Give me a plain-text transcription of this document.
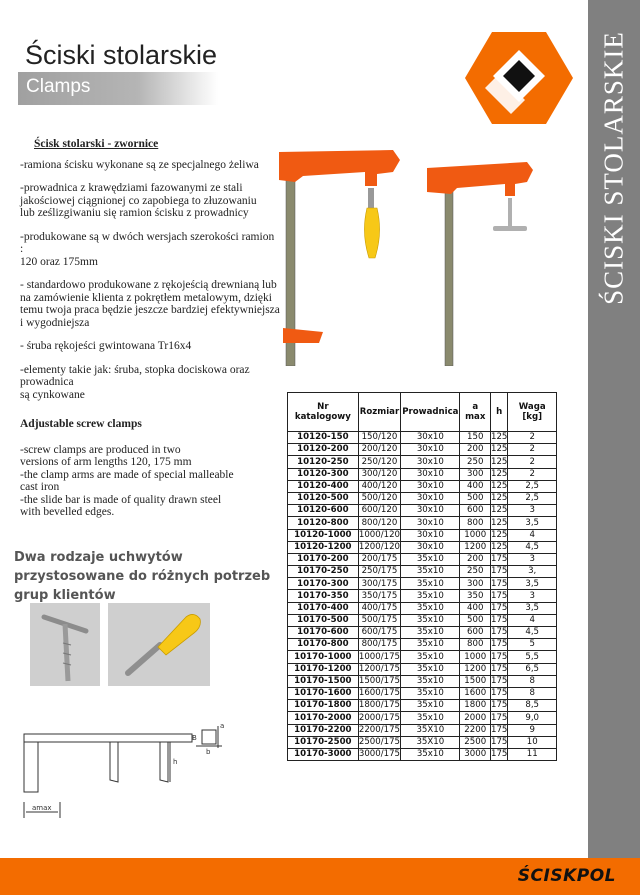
ŚCISKI STOLARSKIE
Ściski stolarskie
Clamps
Ścisk stolarski - zwornice

-ramiona ścisku wykonane są ze specjalnego żeliwa

-prowadnica z krawędziami fazowanymi ze stali
jakościowej ciągnionej co zapobiega to złuzowaniu
lub ześlizgiwaniu się ramion ścisku z prowadnicy

-produkowane są w dwóch wersjach szerokości ramion :
120 oraz 175mm

- standardowo produkowane z rękojeścią drewnianą lub
na zamówienie klienta z pokrętłem metalowym, dzięki
temu twoja praca będzie jeszcze bardziej efektywniejsza
i wygodniejsza

- śruba rękojeści gwintowana Tr16x4

-elementy takie jak: śruba, stopka dociskowa oraz prowadnica
są cynkowane

Adjustable screw clamps

-screw clamps are produced in two
versions of arm lengths 120, 175 mm
-the clamp arms are made of special malleable
cast iron
-the slide bar is made of quality drawn steel
with bevelled edges.

Dwa rodzaje uchwytów przystosowane do różnych potrzeb grup klientów
amax
h
B
b
a
Nr katalogowy	Rozmiar	Prowadnica	a max	h	Waga [kg]
10120-150	150/120	30x10	150	125	2
10120-200	200/120	30x10	200	125	2
10120-250	250/120	30x10	250	125	2
10120-300	300/120	30x10	300	125	2
10120-400	400/120	30x10	400	125	2,5
10120-500	500/120	30x10	500	125	2,5
10120-600	600/120	30x10	600	125	3
10120-800	800/120	30x10	800	125	3,5
10120-1000	1000/120	30x10	1000	125	4
10120-1200	1200/120	30x10	1200	125	4,5
10170-200	200/175	35x10	200	175	3
10170-250	250/175	35x10	250	175	3,
10170-300	300/175	35x10	300	175	3,5
10170-350	350/175	35x10	350	175	3
10170-400	400/175	35x10	400	175	3,5
10170-500	500/175	35x10	500	175	4
10170-600	600/175	35x10	600	175	4,5
10170-800	800/175	35x10	800	175	5
10170-1000	1000/175	35x10	1000	175	5,5
10170-1200	1200/175	35x10	1200	175	6,5
10170-1500	1500/175	35x10	1500	175	8
10170-1600	1600/175	35x10	1600	175	8
10170-1800	1800/175	35x10	1800	175	8,5
10170-2000	2000/175	35x10	2000	175	9,0
10170-2200	2200/175	35X10	2200	175	9
10170-2500	2500/175	35X10	2500	175	10
10170-3000	3000/175	35x10	3000	175	11
ŚCISKPOL
